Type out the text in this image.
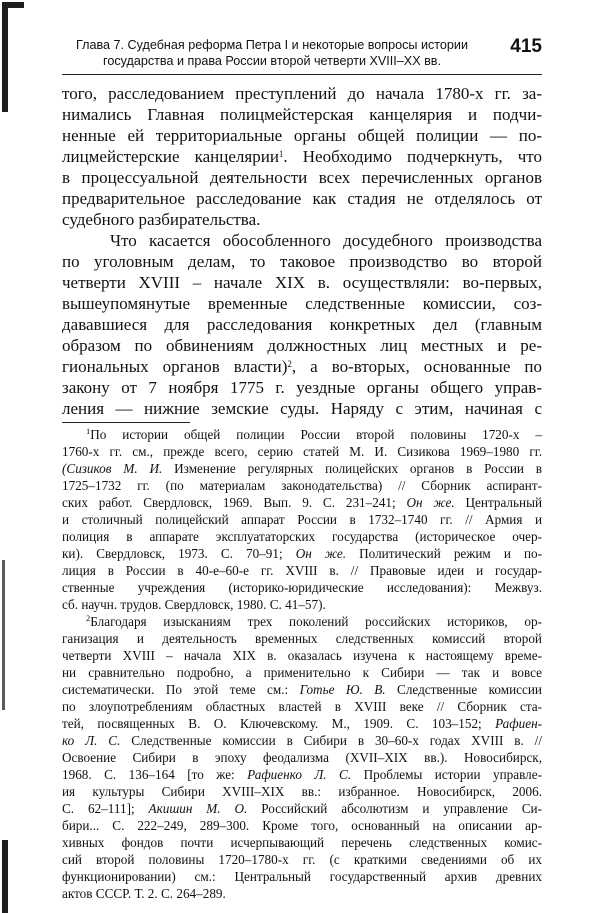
Глава 7. Судебная реформа Петра I и некоторые вопросы истории
государства и права России второй четверти XVIII–XX вв.
415
того, расследованием преступлений до начала 1780-х гг. за-
нимались Главная полицмейстерская канцелярия и подчи-
ненные ей территориальные органы общей полиции — по-
лицмейстерские канцелярии$^1$. Необходимо подчеркнуть, что
в процессуальной деятельности всех перечисленных органов
предварительное расследование как стадия не отделялось от
судебного разбирательства.
Что касается обособленного досудебного производства
по уголовным делам, то таковое производство во второй
четверти XVIII – начале XIX в. осуществляли: во-первых,
вышеупомянутые временные следственные комиссии, соз-
дававшиеся для расследования конкретных дел (главным
образом по обвинениям должностных лиц местных и ре-
гиональных органов власти)$^2$, а во-вторых, основанные по
закону от 7 ноября 1775 г. уездные органы общего управ-
ления — нижние земские суды. Наряду с этим, начиная с
$^1$По истории общей полиции России второй половины 1720-х –
1760-х гг. см., прежде всего, серию статей М. И. Сизикова 1969–1980 гг.
(Сизиков М. И. Изменение регулярных полицейских органов в России в
1725–1732 гг. (по материалам законодательства) // Сборник аспирант-
ских работ. Свердловск, 1969. Вып. 9. С. 231–241; Он же. Центральный
и столичный полицейский аппарат России в 1732–1740 гг. // Армия и
полиция в аппарате эксплуататорских государства (историческое очер-
ки). Свердловск, 1973. С. 70–91; Он же. Политический режим и по-
лиция в России в 40-е–60-е гг. XVIII в. // Правовые идеи и государ-
ственные учреждения (историко-юридические исследования): Межвуз.
сб. научн. трудов. Свердловск, 1980. С. 41–57).
$^2$Благодаря изысканиям трех поколений российских историков, ор-
ганизация и деятельность временных следственных комиссий второй
четверти XVIII – начала XIX в. оказалась изучена к настоящему време-
ни сравнительно подробно, а применительно к Сибири — так и вовсе
систематически. По этой теме см.: Готье Ю. В. Следственные комиссии
по злоупотреблениям областных властей в XVIII веке // Сборник ста-
тей, посвященных В. О. Ключевскому. М., 1909. С. 103–152; Рафиен-
ко Л. С. Следственные комиссии в Сибири в 30–60-х годах XVIII в. //
Освоение Сибири в эпоху феодализма (XVII–XIX вв.). Новосибирск,
1968. С. 136–164 [то же: Рафиенко Л. С. Проблемы истории управле-
ия культуры Сибири XVIII–XIX вв.: избранное. Новосибирск, 2006.
С. 62–111]; Акишин М. О. Российский абсолютизм и управление Си-
бири... С. 222–249, 289–300. Кроме того, основанный на описании ар-
хивных фондов почти исчерпывающий перечень следственных комис-
сий второй половины 1720–1780-х гг. (с краткими сведениями об их
функционировании) см.: Центральный государственный архив древних
актов СССР. Т. 2. С. 264–289.
